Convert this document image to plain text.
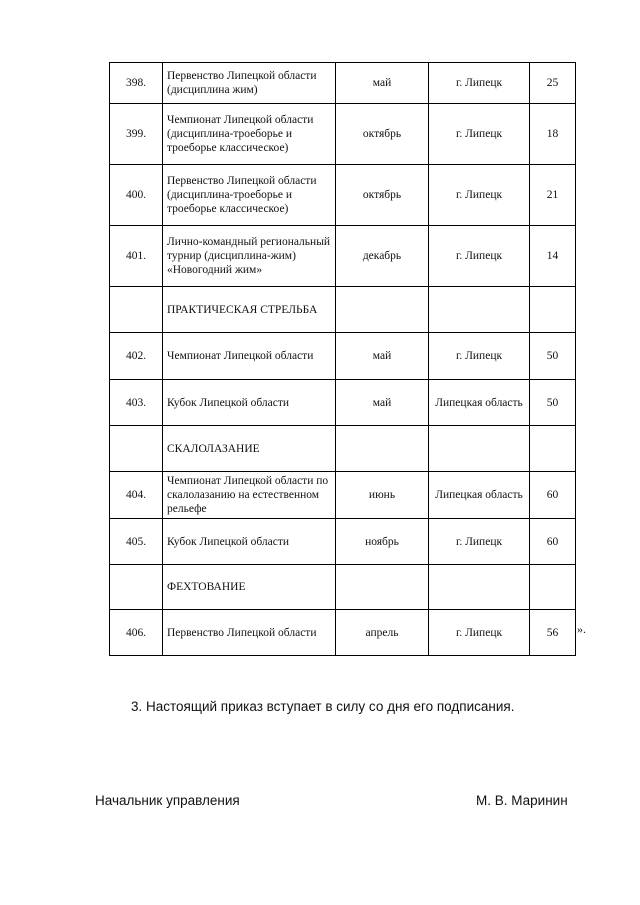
398.	Первенство Липецкой области (дисциплина жим)	май	г. Липецк	25
399.	Чемпионат Липецкой области (дисциплина-троеборье и троеборье классическое)	октябрь	г. Липецк	18
400.	Первенство Липецкой области (дисциплина-троеборье и троеборье классическое)	октябрь	г. Липецк	21
401.	Лично-командный региональный турнир (дисциплина-жим) «Новогодний жим»	декабрь	г. Липецк	14
	ПРАКТИЧЕСКАЯ СТРЕЛЬБА			
402.	Чемпионат Липецкой области	май	г. Липецк	50
403.	Кубок Липецкой области	май	Липецкая область	50
	СКАЛОЛАЗАНИЕ			
404.	Чемпионат Липецкой области по скалолазанию на естественном рельефе	июнь	Липецкая область	60
405.	Кубок Липецкой области	ноябрь	г. Липецк	60
	ФЕХТОВАНИЕ			
406.	Первенство Липецкой области	апрель	г. Липецк	56 ».
3. Настоящий приказ вступает в силу со дня его подписания.
Начальник управления	М. В. Маринин
